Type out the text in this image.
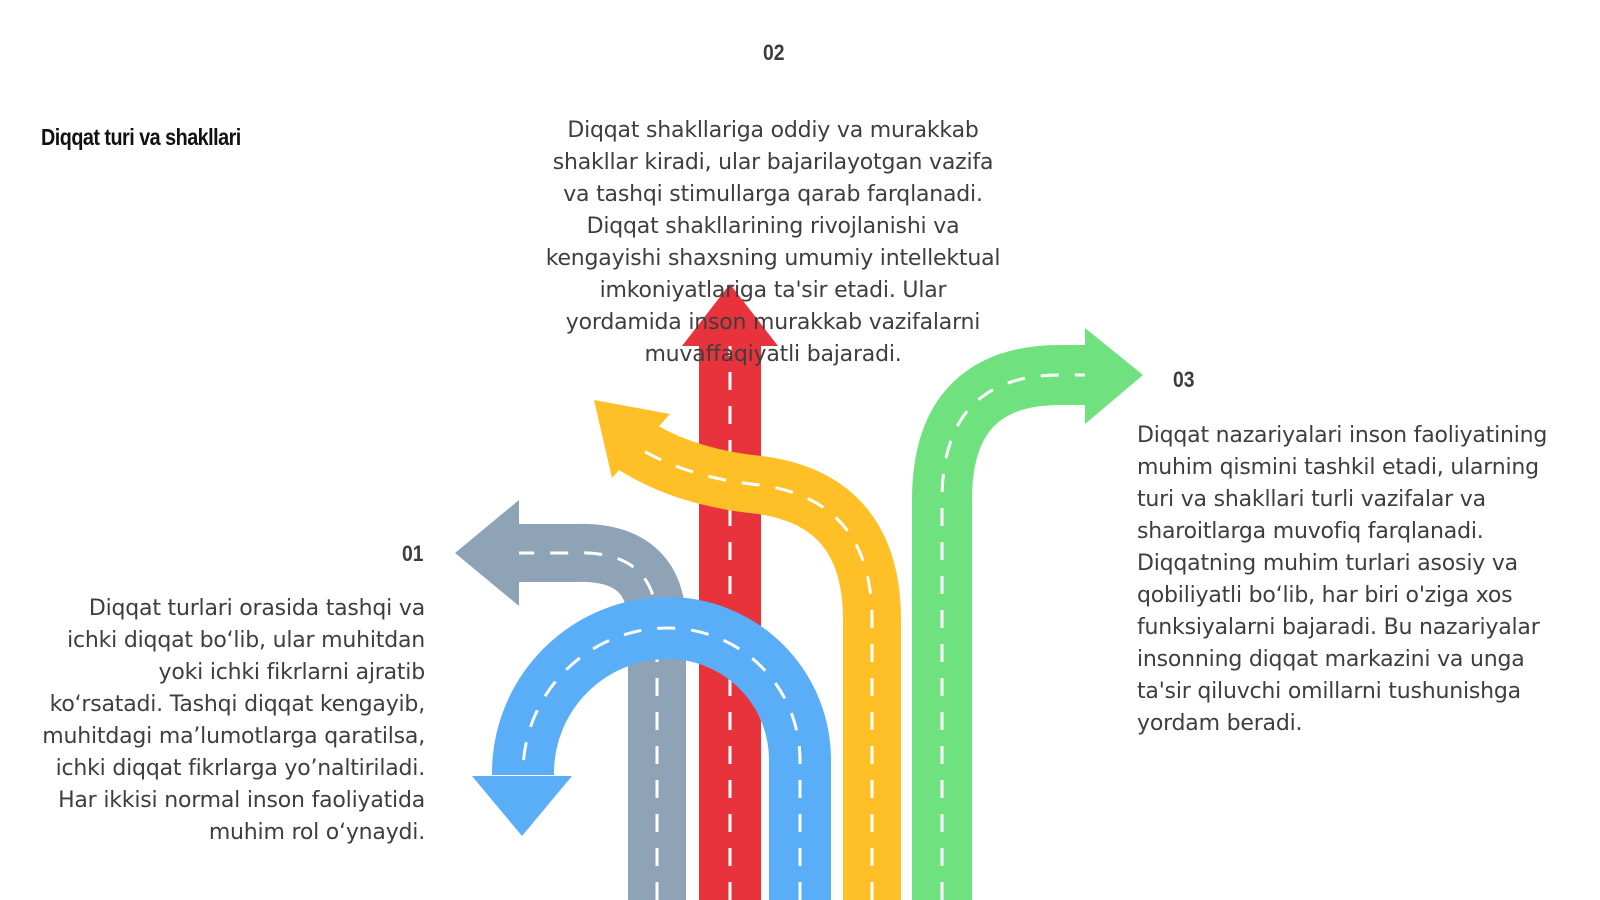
Diqqat turi va shakllari
01

Diqqat turlari orasida tashqi va ichki diqqat bo‘lib, ular muhitdan yoki ichki fikrlarni ajratib ko‘rsatadi. Tashqi diqqat kengayib, muhitdagi ma’lumotlarga qaratilsa, ichki diqqat fikrlarga yo’naltiriladi. Har ikkisi normal inson faoliyatida muhim rol o‘ynaydi.

02

Diqqat shakllariga oddiy va murakkab shakllar kiradi, ular bajarilayotgan vazifa va tashqi stimullarga qarab farqlanadi. Diqqat shakllarining rivojlanishi va kengayishi shaxsning umumiy intellektual imkoniyatlariga ta'sir etadi. Ular yordamida inson murakkab vazifalarni muvaffaqiyatli bajaradi.

03

Diqqat nazariyalari inson faoliyatining muhim qismini tashkil etadi, ularning turi va shakllari turli vazifalar va sharoitlarga muvofiq farqlanadi. Diqqatning muhim turlari asosiy va qobiliyatli bo‘lib, har biri o'ziga xos funksiyalarni bajaradi. Bu nazariyalar insonning diqqat markazini va unga ta'sir qiluvchi omillarni tushunishga yordam beradi.
